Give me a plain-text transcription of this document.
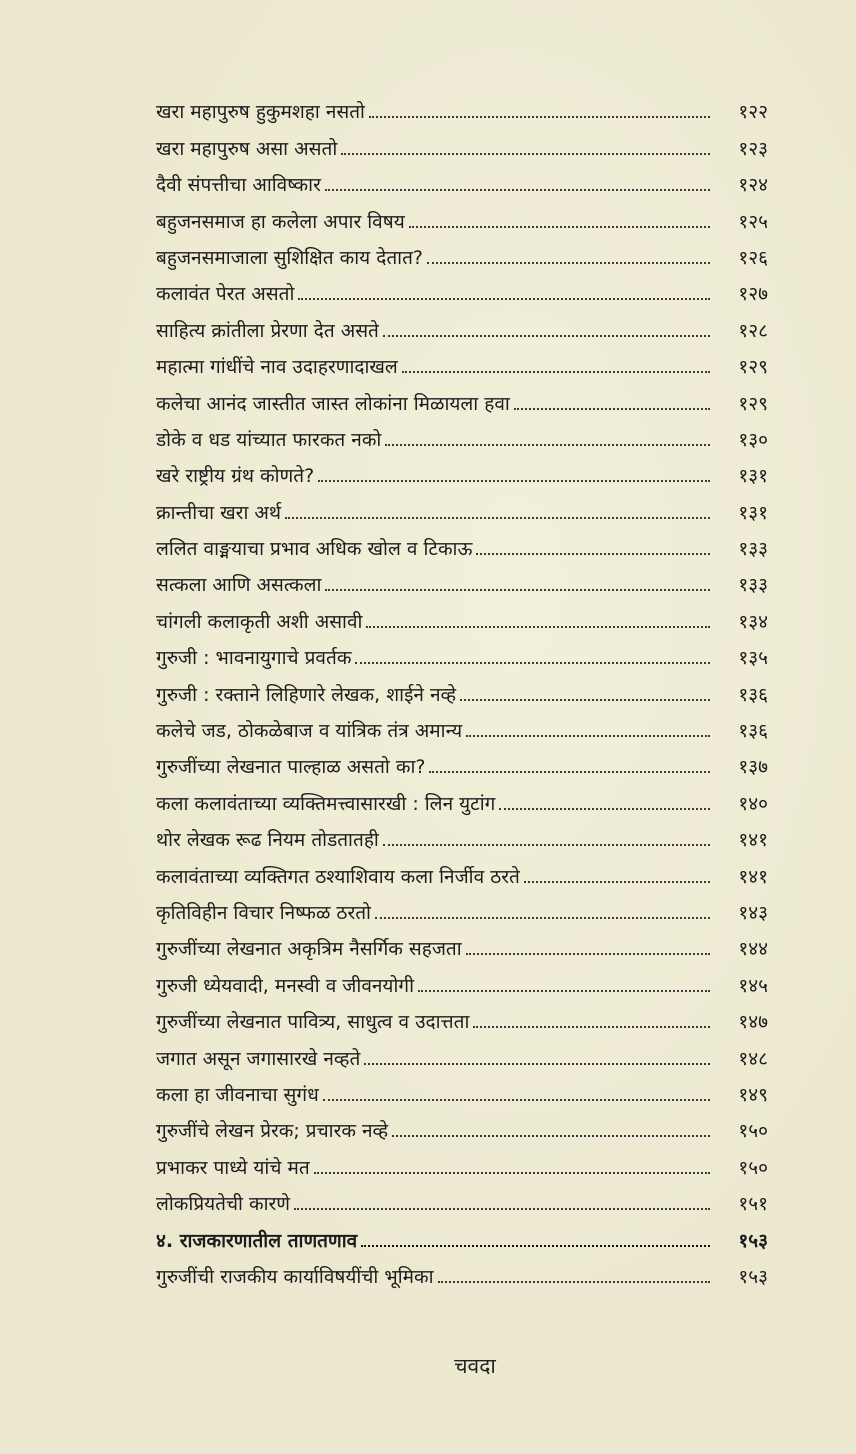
खरा महापुरुष हुकुमशहा नसतो	१२२
खरा महापुरुष असा असतो	१२३
दैवी संपत्तीचा आविष्कार	१२४
बहुजनसमाज हा कलेला अपार विषय	१२५
बहुजनसमाजाला सुशिक्षित काय देतात?	१२६
कलावंत पेरत असतो	१२७
साहित्य क्रांतीला प्रेरणा देत असते	१२८
महात्मा गांधींचे नाव उदाहरणादाखल	१२९
कलेचा आनंद जास्तीत जास्त लोकांना मिळायला हवा	१२९
डोके व धड यांच्यात फारकत नको	१३०
खरे राष्ट्रीय ग्रंथ कोणते?	१३१
क्रान्तीचा खरा अर्थ	१३१
ललित वाङ्मयाचा प्रभाव अधिक खोल व टिकाऊ	१३३
सत्कला आणि असत्कला	१३३
चांगली कलाकृती अशी असावी	१३४
गुरुजी : भावनायुगाचे प्रवर्तक	१३५
गुरुजी : रक्ताने लिहिणारे लेखक, शाईने नव्हे	१३६
कलेचे जड, ठोकळेबाज व यांत्रिक तंत्र अमान्य	१३६
गुरुजींच्या लेखनात पाल्हाळ असतो का?	१३७
कला कलावंताच्या व्यक्तिमत्त्वासारखी : लिन युटांग	१४०
थोर लेखक रूढ नियम तोडतातही	१४१
कलावंताच्या व्यक्तिगत ठश्याशिवाय कला निर्जीव ठरते	१४१
कृतिविहीन विचार निष्फळ ठरतो	१४३
गुरुजींच्या लेखनात अकृत्रिम नैसर्गिक सहजता	१४४
गुरुजी ध्येयवादी, मनस्वी व जीवनयोगी	१४५
गुरुजींच्या लेखनात पावित्र्य, साधुत्व व उदात्तता	१४७
जगात असून जगासारखे नव्हते	१४८
कला हा जीवनाचा सुगंध	१४९
गुरुजींचे लेखन प्रेरक; प्रचारक नव्हे	१५०
प्रभाकर पाध्ये यांचे मत	१५०
लोकप्रियतेची कारणे	१५१
४. राजकारणातील ताणतणाव	१५३
गुरुजींची राजकीय कार्याविषयींची भूमिका	१५३
चवदा
